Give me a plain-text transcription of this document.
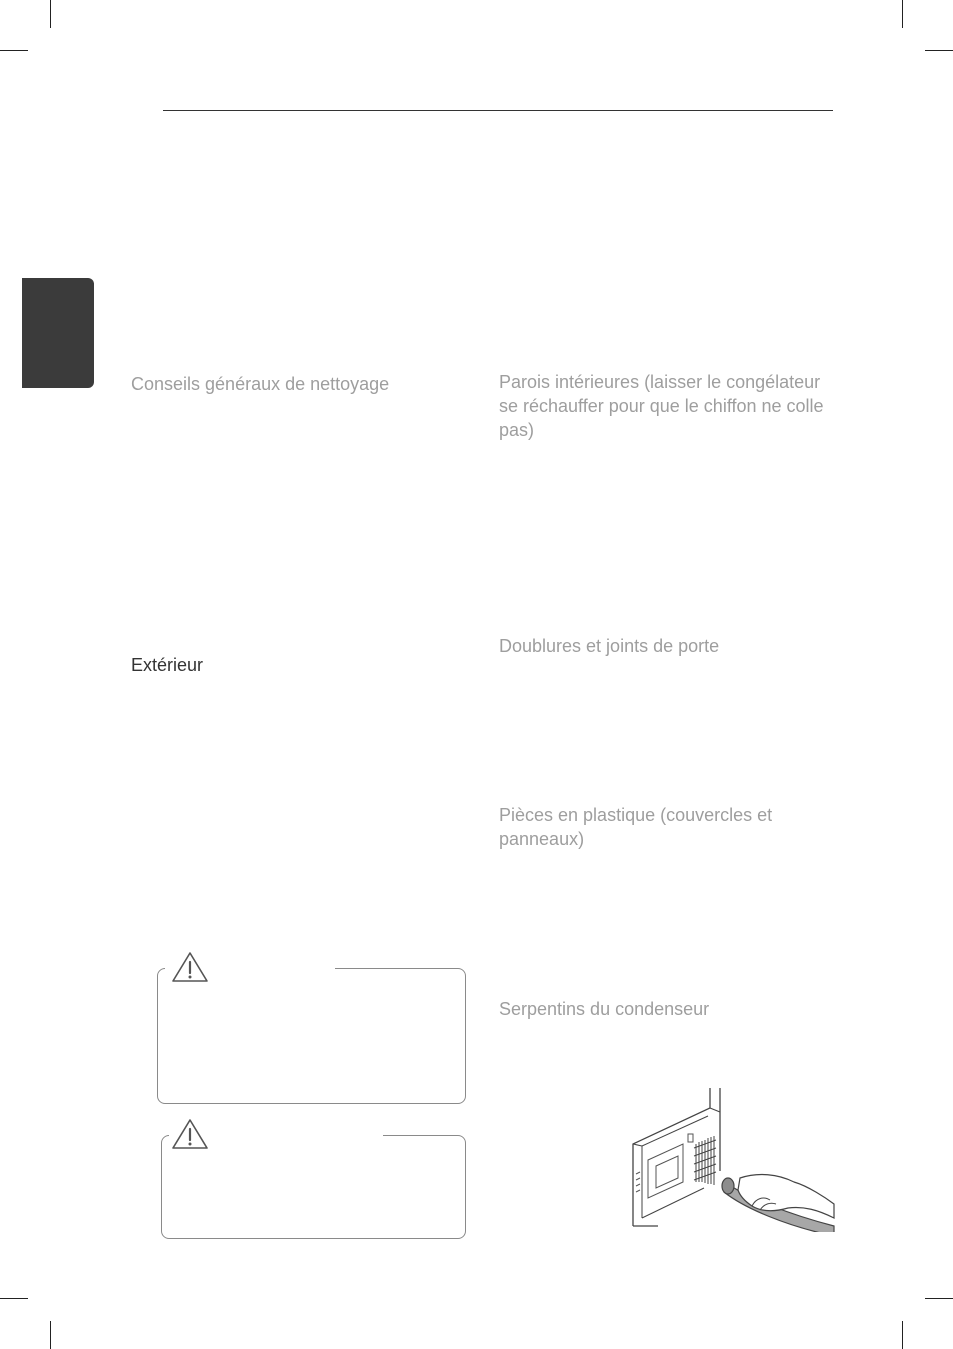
Conseils généraux de nettoyage
Extérieur
Parois intérieures (laisser le congélateur se réchauffer pour que le chiffon ne colle pas)
Doublures et joints de porte
Pièces en plastique (couvercles et panneaux)
Serpentins du condenseur
